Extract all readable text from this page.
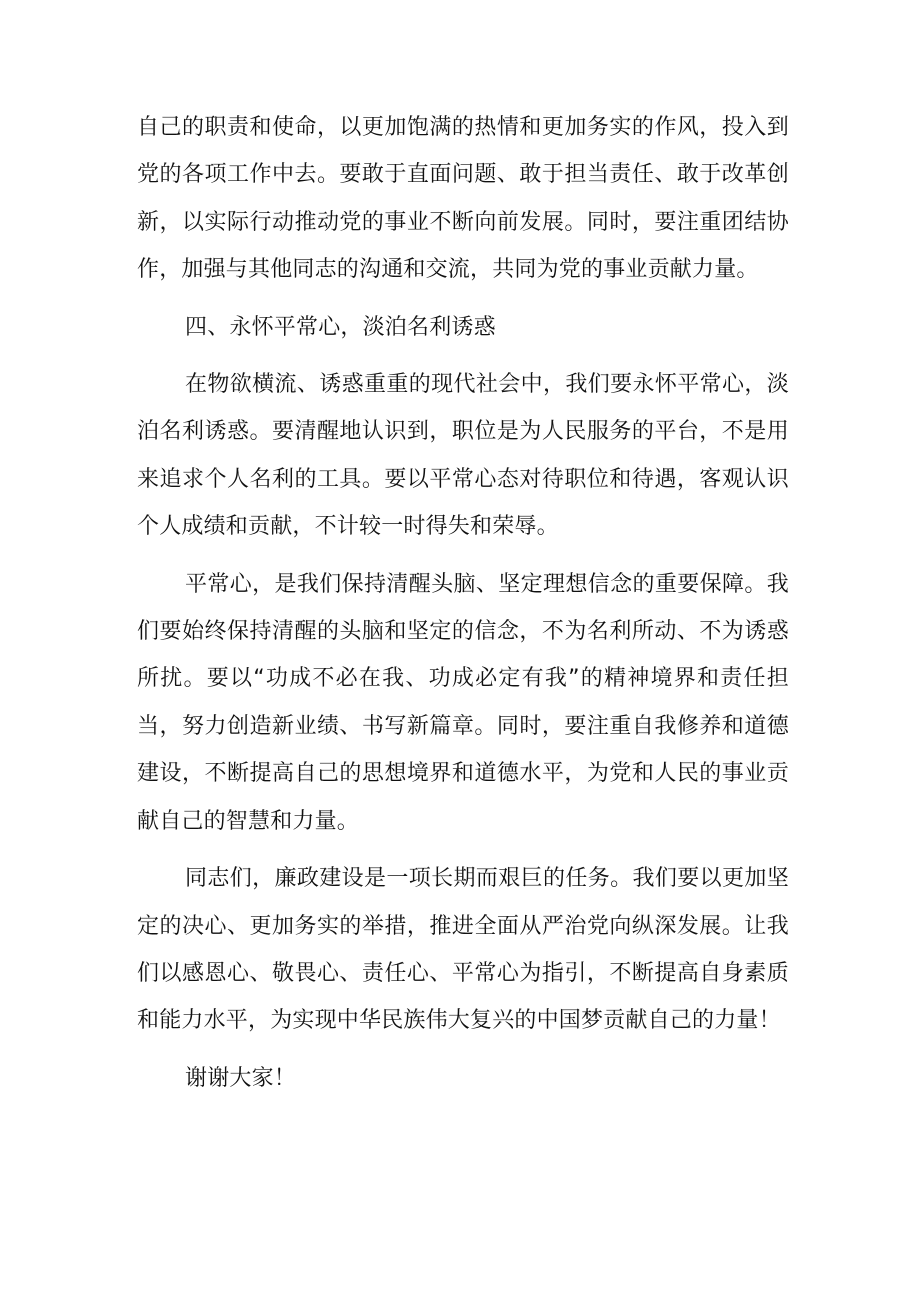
自己的职责和使命，以更加饱满的热情和更加务实的作风，投入到党的各项工作中去。要敢于直面问题、敢于担当责任、敢于改革创新，以实际行动推动党的事业不断向前发展。同时，要注重团结协作，加强与其他同志的沟通和交流，共同为党的事业贡献力量。

四、永怀平常心，淡泊名利诱惑

在物欲横流、诱惑重重的现代社会中，我们要永怀平常心，淡泊名利诱惑。要清醒地认识到，职位是为人民服务的平台，不是用来追求个人名利的工具。要以平常心态对待职位和待遇，客观认识个人成绩和贡献，不计较一时得失和荣辱。

平常心，是我们保持清醒头脑、坚定理想信念的重要保障。我们要始终保持清醒的头脑和坚定的信念，不为名利所动、不为诱惑所扰。要以“功成不必在我、功成必定有我”的精神境界和责任担当，努力创造新业绩、书写新篇章。同时，要注重自我修养和道德建设，不断提高自己的思想境界和道德水平，为党和人民的事业贡献自己的智慧和力量。

同志们，廉政建设是一项长期而艰巨的任务。我们要以更加坚定的决心、更加务实的举措，推进全面从严治党向纵深发展。让我们以感恩心、敬畏心、责任心、平常心为指引，不断提高自身素质和能力水平，为实现中华民族伟大复兴的中国梦贡献自己的力量！

谢谢大家！
